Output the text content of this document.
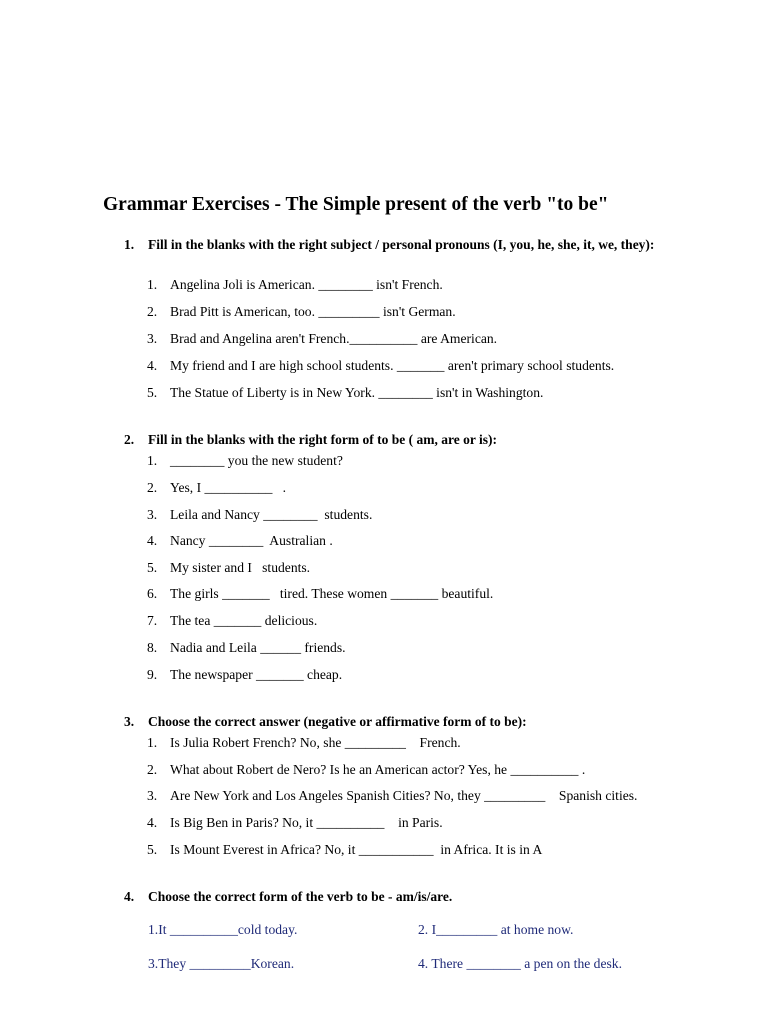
Grammar Exercises - The Simple present of the verb "to be"
1. Fill in the blanks with the right subject / personal pronouns (I, you, he, she, it, we, they):
1. Angelina Joli is American. ________ isn't French.
2. Brad Pitt is American, too. _________ isn't German.
3. Brad and Angelina aren't French.__________ are American.
4. My friend and I are high school students. _______ aren't primary school students.
5. The Statue of Liberty is in New York. ________ isn't in Washington.
2. Fill in the blanks with the right form of to be ( am, are or is):
1. ________ you the new student?
2. Yes, I __________   .
3. Leila and Nancy ________  students.
4. Nancy ________  Australian .
5. My sister and I   students.
6. The girls _______   tired. These women _______ beautiful.
7. The tea _______ delicious.
8. Nadia and Leila ______ friends.
9. The newspaper _______ cheap.
3. Choose the correct answer (negative or affirmative form of to be):
1. Is Julia Robert French? No, she _________    French.
2. What about Robert de Nero? Is he an American actor? Yes, he __________ .
3. Are New York and Los Angeles Spanish Cities? No, they _________    Spanish cities.
4. Is Big Ben in Paris? No, it __________    in Paris.
5. Is Mount Everest in Africa? No, it ___________  in Africa. It is in A
4. Choose the correct form of the verb to be - am/is/are.
1.It __________cold today.	2. I_________ at home now.
3.They _________Korean.	4. There ________ a pen on the desk.
